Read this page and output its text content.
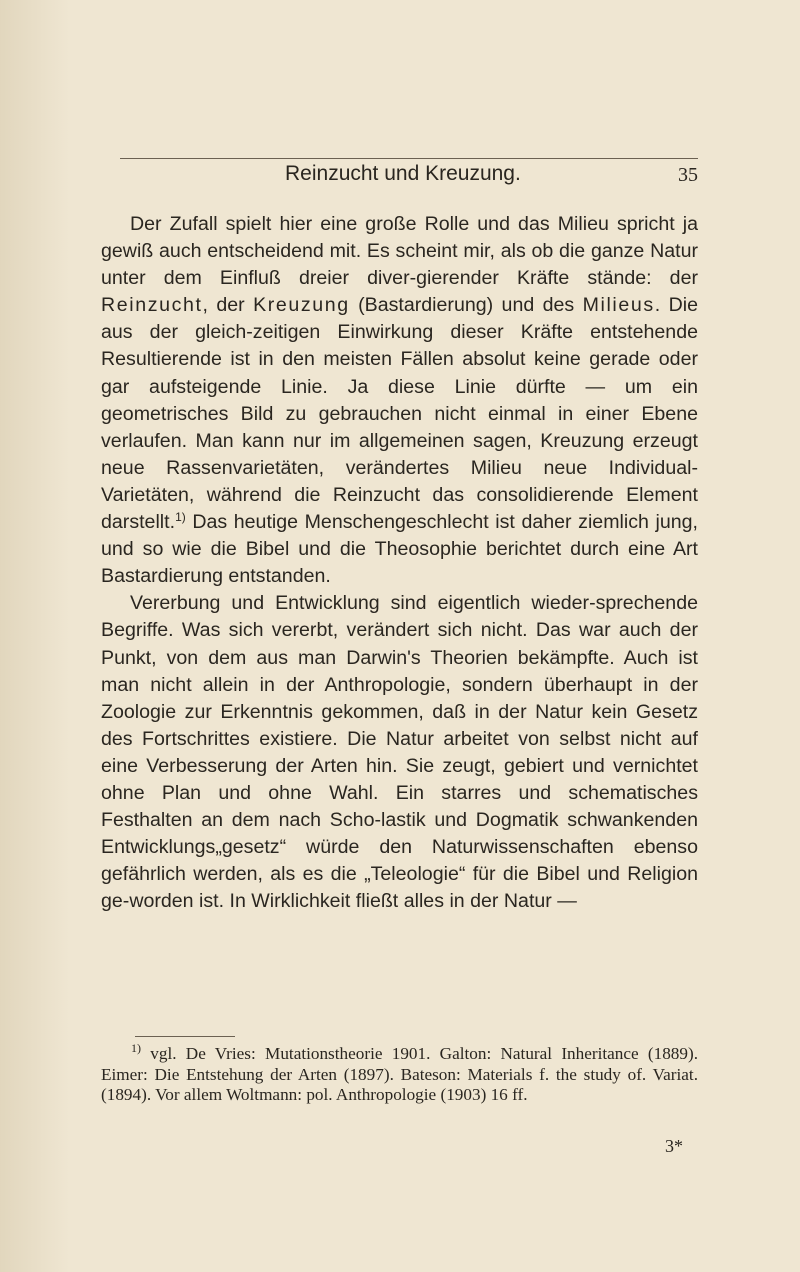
Reinzucht und Kreuzung.	35

Der Zufall spielt hier eine große Rolle und das Milieu spricht ja gewiß auch entscheidend mit. Es scheint mir, als ob die ganze Natur unter dem Einfluß dreier diver-gierender Kräfte stände: der Reinzucht, der Kreuzung (Bastardierung) und des Milieus. Die aus der gleich-zeitigen Einwirkung dieser Kräfte entstehende Resultierende ist in den meisten Fällen absolut keine gerade oder gar aufsteigende Linie. Ja diese Linie dürfte — um ein geometrisches Bild zu gebrauchen nicht einmal in einer Ebene verlaufen. Man kann nur im allgemeinen sagen, Kreuzung erzeugt neue Rassenvarietäten, verändertes Milieu neue Individual-Varietäten, während die Reinzucht das consolidierende Element darstellt.$^{1)}$ Das heutige Menschengeschlecht ist daher ziemlich jung, und so wie die Bibel und die Theosophie berichtet durch eine Art Bastardierung entstanden.

Vererbung und Entwicklung sind eigentlich wieder-sprechende Begriffe. Was sich vererbt, verändert sich nicht. Das war auch der Punkt, von dem aus man Darwin's Theorien bekämpfte. Auch ist man nicht allein in der Anthropologie, sondern überhaupt in der Zoologie zur Erkenntnis gekommen, daß in der Natur kein Gesetz des Fortschrittes existiere. Die Natur arbeitet von selbst nicht auf eine Verbesserung der Arten hin. Sie zeugt, gebiert und vernichtet ohne Plan und ohne Wahl. Ein starres und schematisches Festhalten an dem nach Scho-lastik und Dogmatik schwankenden Entwicklungs„gesetz“ würde den Naturwissenschaften ebenso gefährlich werden, als es die „Teleologie“ für die Bibel und Religion ge-worden ist. In Wirklichkeit fließt alles in der Natur —

$^{1)}$ vgl. De Vries: Mutationstheorie 1901. Galton: Natural Inheritance (1889). Eimer: Die Entstehung der Arten (1897). Bateson: Materials f. the study of. Variat. (1894). Vor allem Woltmann: pol. Anthropologie (1903) 16 ff.

3*
